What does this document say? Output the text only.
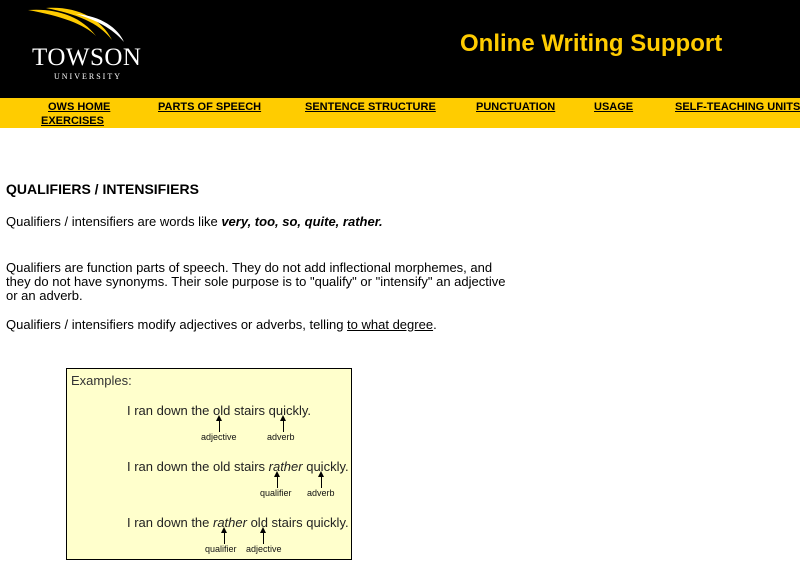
TOWSON
UNIVERSITY
Online Writing Support
OWS HOME	PARTS OF SPEECH	SENTENCE STRUCTURE	PUNCTUATION	USAGE	SELF-TEACHING UNITS
EXERCISES
QUALIFIERS / INTENSIFIERS
Qualifiers / intensifiers are words like very, too, so, quite, rather.
Qualifiers are function parts of speech. They do not add inflectional morphemes, and they do not have synonyms. Their sole purpose is to "qualify" or "intensify" an adjective or an adverb.
Qualifiers / intensifiers modify adjectives or adverbs, telling to what degree.
Examples:
I ran down the old stairs quickly.
adjective	adverb
I ran down the old stairs rather quickly.
qualifier adverb
I ran down the rather old stairs quickly.
qualifier adjective
